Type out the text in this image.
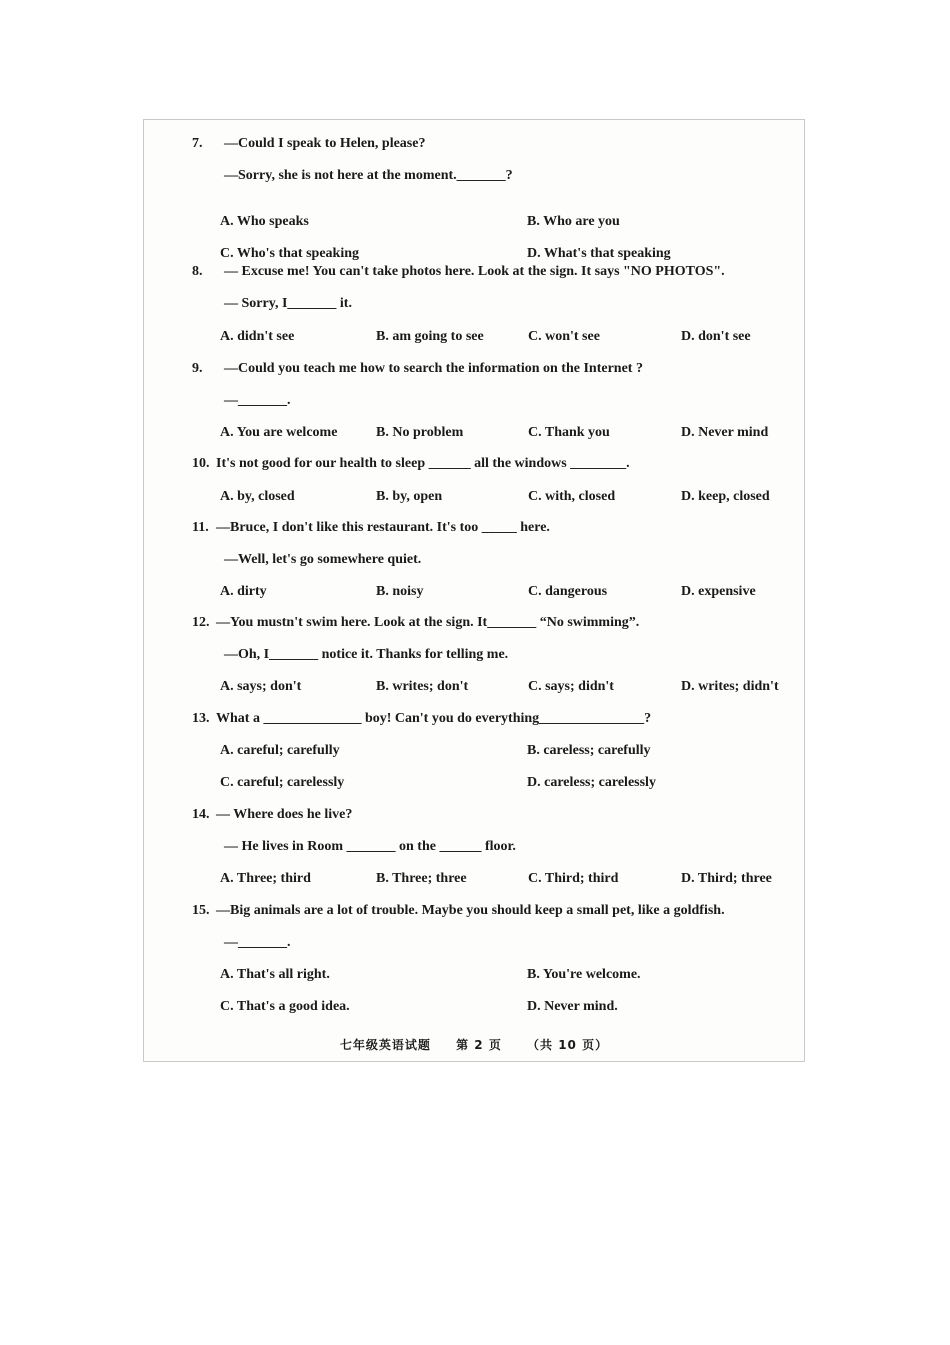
7. —Could I speak to Helen, please?
—Sorry, she is not here at the moment._______?
A. Who speaks	B. Who are you
C. Who's that speaking	D. What's that speaking
8. — Excuse me! You can't take photos here. Look at the sign. It says "NO PHOTOS".
— Sorry, I_______ it.
A. didn't see	B. am going to see	C. won't see	D. don't see
9. —Could you teach me how to search the information on the Internet ?
—_______.
A. You are welcome	B. No problem	C. Thank you	D. Never mind
10. It's not good for our health to sleep ______ all the windows ________.
A. by, closed	B. by, open	C. with, closed	D. keep, closed
11. —Bruce, I don't like this restaurant. It's too _____ here.
—Well, let's go somewhere quiet.
A. dirty	B. noisy	C. dangerous	D. expensive
12. —You mustn't swim here. Look at the sign. It_______ “No swimming”.
—Oh, I_______ notice it. Thanks for telling me.
A. says; don't	B. writes; don't	C. says; didn't	D. writes; didn't
13. What a ______________ boy! Can't you do everything_______________?
A. careful; carefully	B. careless; carefully
C. careful; carelessly	D. careless; carelessly
14. — Where does he live?
— He lives in Room _______ on the ______ floor.
A. Three; third	B. Three; three	C. Third; third	D. Third; three
15. —Big animals are a lot of trouble. Maybe you should keep a small pet, like a goldfish.
—_______.
A. That's all right.	B. You're welcome.
C. That's a good idea.	D. Never mind.
七年级英语试题 第 2 页 （共 10 页）
